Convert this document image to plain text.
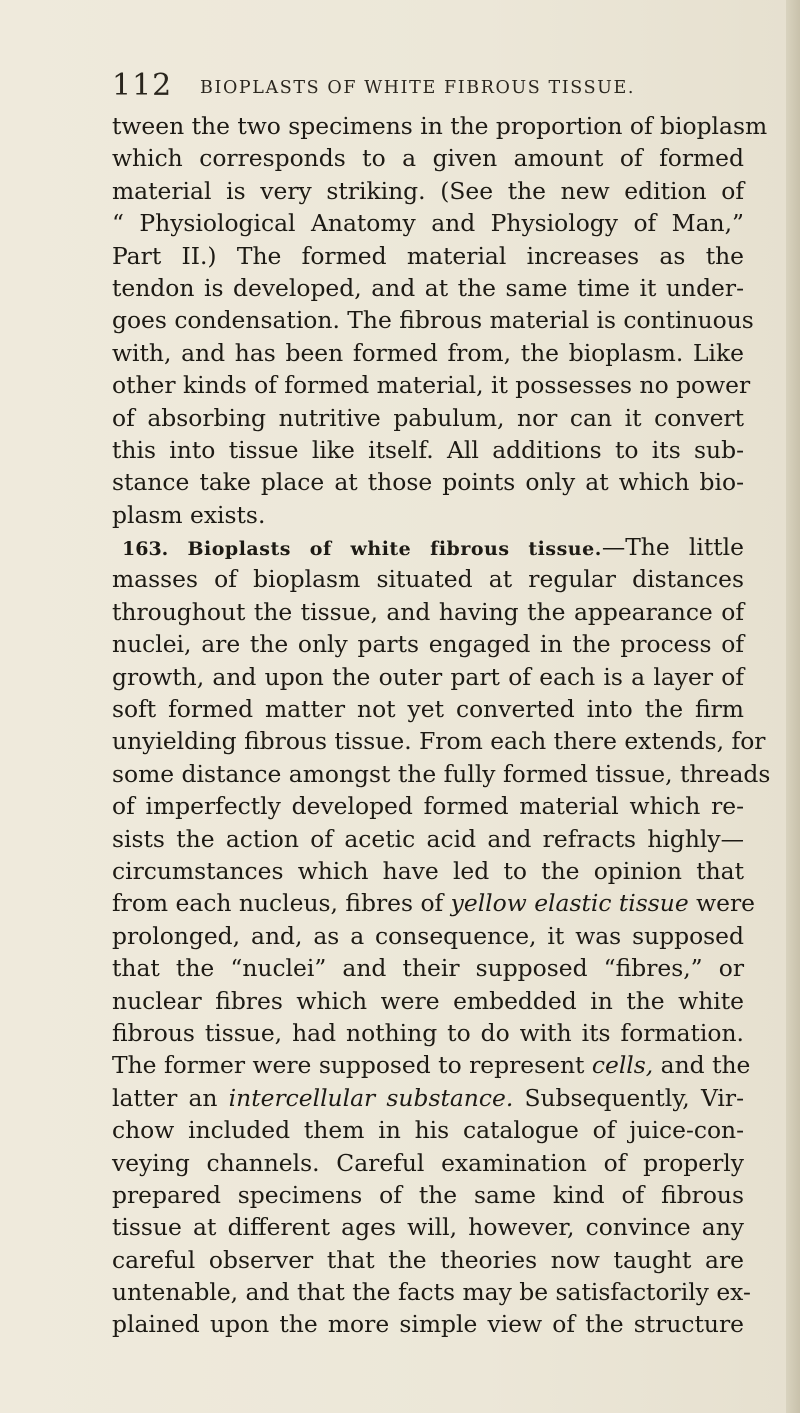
112 BIOPLASTS OF WHITE FIBROUS TISSUE.
tween the two specimens in the proportion of bioplasm
which corresponds to a given amount of formed
material is very striking. (See the new edition of
“ Physiological Anatomy and Physiology of Man,”
Part II.) The formed material increases as the
tendon is developed, and at the same time it under-
goes condensation. The fibrous material is continuous
with, and has been formed from, the bioplasm. Like
other kinds of formed material, it possesses no power
of absorbing nutritive pabulum, nor can it convert
this into tissue like itself. All additions to its sub-
stance take place at those points only at which bio-
plasm exists.
163. Bioplasts of white fibrous tissue.—The little
masses of bioplasm situated at regular distances
throughout the tissue, and having the appearance of
nuclei, are the only parts engaged in the process of
growth, and upon the outer part of each is a layer of
soft formed matter not yet converted into the firm
unyielding fibrous tissue. From each there extends, for
some distance amongst the fully formed tissue, threads
of imperfectly developed formed material which re-
sists the action of acetic acid and refracts highly—
circumstances which have led to the opinion that
from each nucleus, fibres of yellow elastic tissue were
prolonged, and, as a consequence, it was supposed
that the “nuclei” and their supposed “fibres,” or
nuclear fibres which were embedded in the white
fibrous tissue, had nothing to do with its formation.
The former were supposed to represent cells, and the
latter an intercellular substance. Subsequently, Vir-
chow included them in his catalogue of juice-con-
veying channels. Careful examination of properly
prepared specimens of the same kind of fibrous
tissue at different ages will, however, convince any
careful observer that the theories now taught are
untenable, and that the facts may be satisfactorily ex-
plained upon the more simple view of the structure
